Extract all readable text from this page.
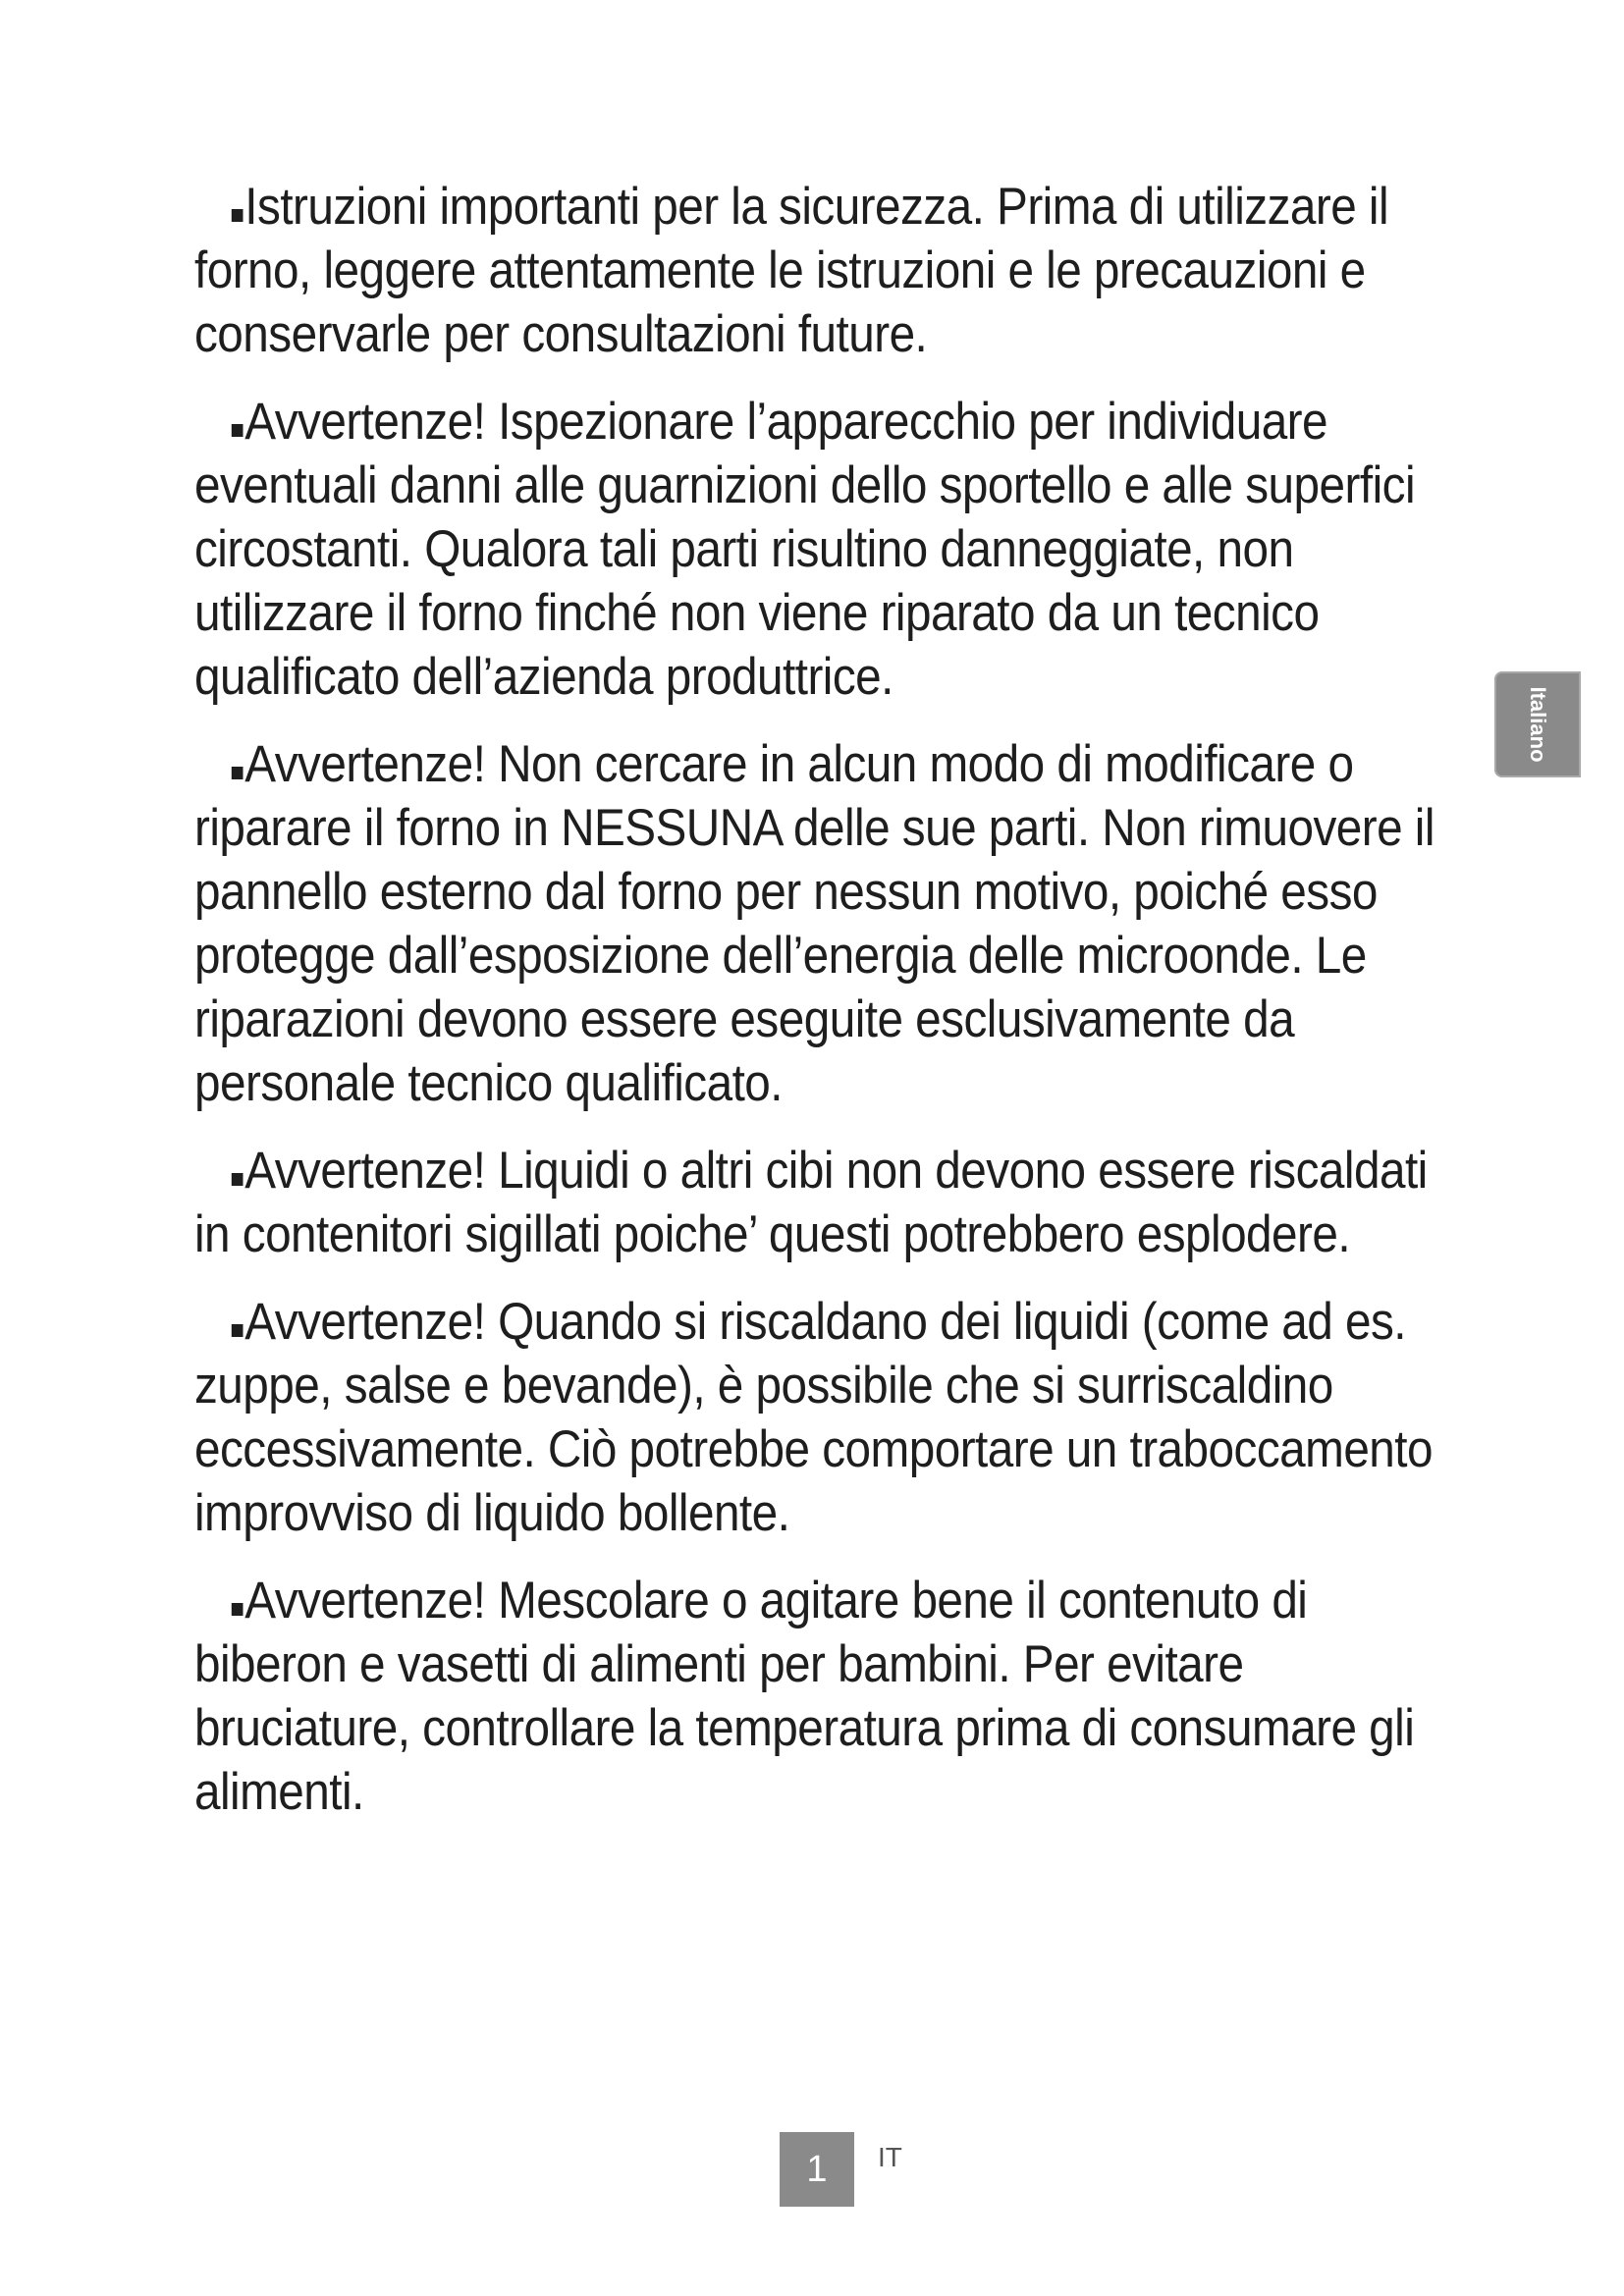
Istruzioni importanti per la sicurezza. Prima di utilizzare il forno, leggere attentamente le istruzioni e le precauzioni e conservarle per consultazioni future.

Avvertenze! Ispezionare l’apparecchio per individuare eventuali danni alle guarnizioni dello sportello e alle superfici circostanti. Qualora tali parti risultino danneggiate, non utilizzare il forno finché non viene riparato da un tecnico qualificato dell’azienda produttrice.

Avvertenze! Non cercare in alcun modo di modificare o riparare il forno in NESSUNA delle sue parti. Non rimuovere il pannello esterno dal forno per nessun motivo, poiché esso protegge dall’esposizione dell’energia delle microonde. Le riparazioni devono essere eseguite esclusivamente da personale tecnico qualificato.

Avvertenze! Liquidi o altri cibi non devono essere riscaldati in contenitori sigillati poiche’ questi potrebbero esplodere.

Avvertenze! Quando si riscaldano dei liquidi (come ad es. zuppe, salse e bevande), è possibile che si surriscaldino eccessivamente. Ciò potrebbe comportare un traboccamento improvviso di liquido bollente.

Avvertenze! Mescolare o agitare bene il contenuto di biberon e vasetti di alimenti per bambini. Per evitare bruciature, controllare la temperatura prima di consumare gli alimenti.

Italiano
1	IT
